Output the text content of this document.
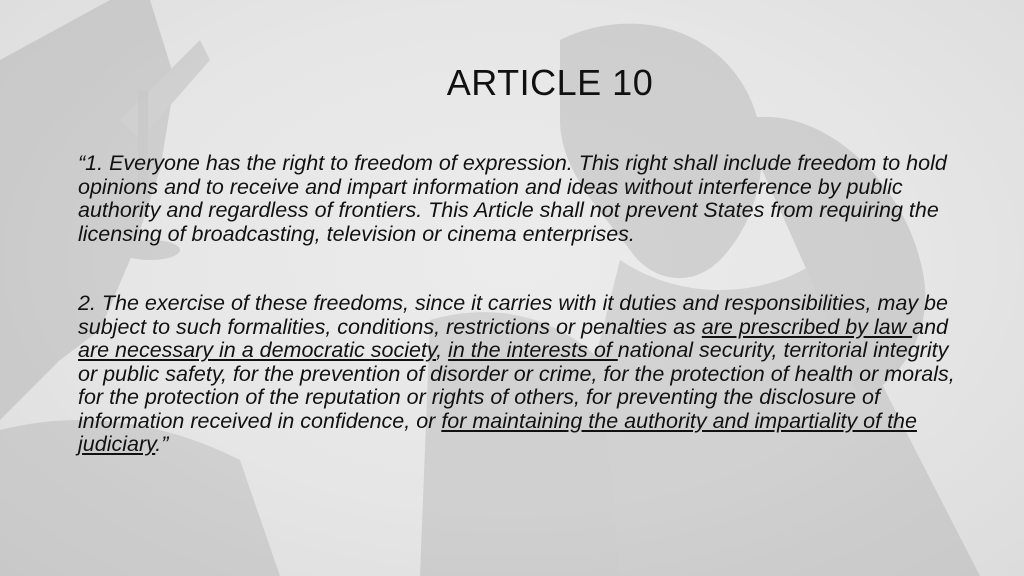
ARTICLE 10

“1. Everyone has the right to freedom of expression. This right shall include freedom to hold opinions and to receive and impart information and ideas without interference by public authority and regardless of frontiers. This Article shall not prevent States from requiring the licensing of broadcasting, television or cinema enterprises.

2. The exercise of these freedoms, since it carries with it duties and responsibilities, may be subject to such formalities, conditions, restrictions or penalties as are prescribed by law and are necessary in a democratic society, in the interests of national security, territorial integrity or public safety, for the prevention of disorder or crime, for the protection of health or morals, for the protection of the reputation or rights of others, for preventing the disclosure of information received in confidence, or for maintaining the authority and impartiality of the judiciary.”
